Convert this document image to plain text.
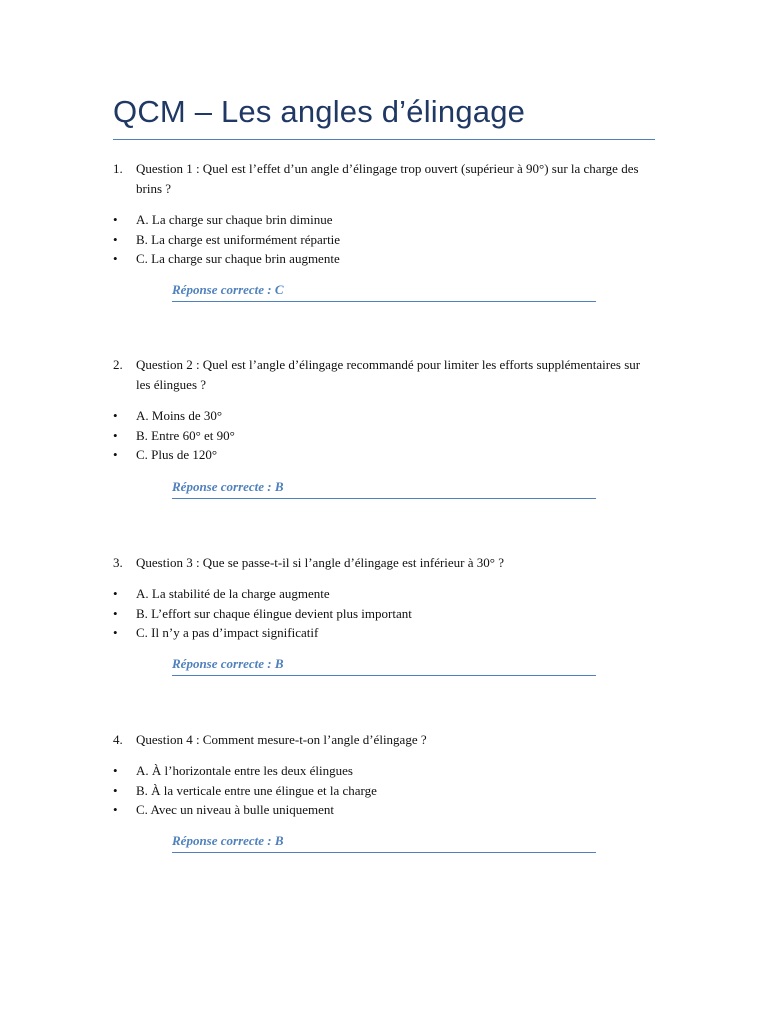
QCM – Les angles d’élingage
1. Question 1 : Quel est l’effet d’un angle d’élingage trop ouvert (supérieur à 90°) sur la charge des brins ?
• A. La charge sur chaque brin diminue
• B. La charge est uniformément répartie
• C. La charge sur chaque brin augmente
Réponse correcte : C
2. Question 2 : Quel est l’angle d’élingage recommandé pour limiter les efforts supplémentaires sur les élingues ?
• A. Moins de 30°
• B. Entre 60° et 90°
• C. Plus de 120°
Réponse correcte : B
3. Question 3 : Que se passe-t-il si l’angle d’élingage est inférieur à 30° ?
• A. La stabilité de la charge augmente
• B. L’effort sur chaque élingue devient plus important
• C. Il n’y a pas d’impact significatif
Réponse correcte : B
4. Question 4 : Comment mesure-t-on l’angle d’élingage ?
• A. À l’horizontale entre les deux élingues
• B. À la verticale entre une élingue et la charge
• C. Avec un niveau à bulle uniquement
Réponse correcte : B
